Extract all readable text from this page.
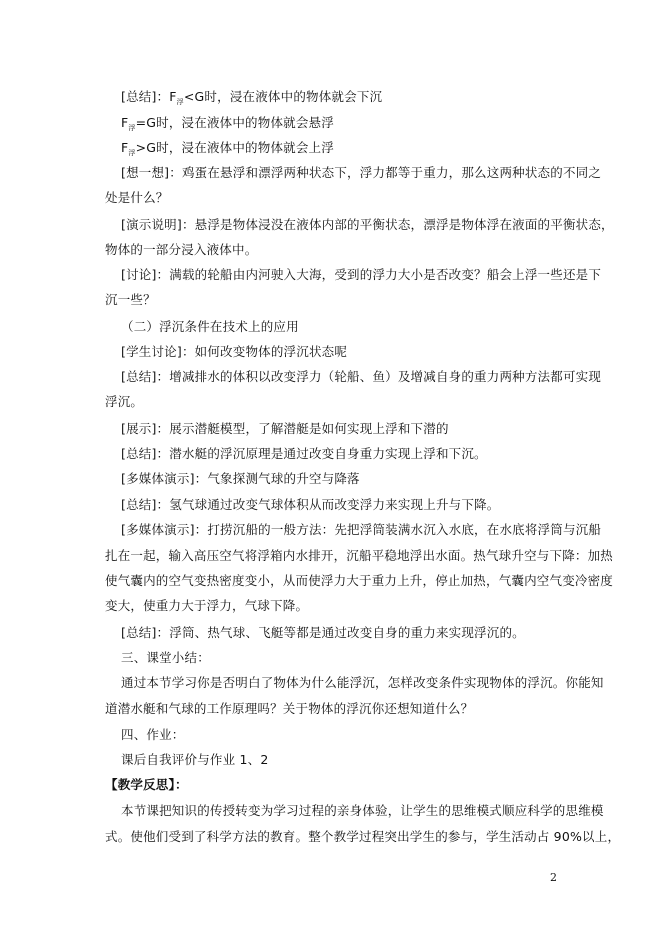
[总结]：$F_浮<G$时，浸在液体中的物体就会下沉
$F_浮=G$时，浸在液体中的物体就会悬浮
$F_浮>G$时，浸在液体中的物体就会上浮
[想一想]：鸡蛋在悬浮和漂浮两种状态下，浮力都等于重力，那么这两种状态的不同之
处是什么？
[演示说明]：悬浮是物体浸没在液体内部的平衡状态，漂浮是物体浮在液面的平衡状态，
物体的一部分浸入液体中。
[讨论]：满载的轮船由内河驶入大海，受到的浮力大小是否改变？船会上浮一些还是下
沉一些？
（二）浮沉条件在技术上的应用
[学生讨论]：如何改变物体的浮沉状态呢
[总结]：增减排水的体积以改变浮力（轮船、鱼）及增减自身的重力两种方法都可实现
浮沉。
[展示]：展示潜艇模型，了解潜艇是如何实现上浮和下潜的
[总结]：潜水艇的浮沉原理是通过改变自身重力实现上浮和下沉。
[多媒体演示]：气象探测气球的升空与降落
[总结]：氢气球通过改变气球体积从而改变浮力来实现上升与下降。
[多媒体演示]：打捞沉船的一般方法：先把浮筒装满水沉入水底，在水底将浮筒与沉船
扎在一起，输入高压空气将浮箱内水排开，沉船平稳地浮出水面。热气球升空与下降：加热
使气囊内的空气变热密度变小，从而使浮力大于重力上升，停止加热，气囊内空气变冷密度
变大，使重力大于浮力，气球下降。
[总结]：浮筒、热气球、飞艇等都是通过改变自身的重力来实现浮沉的。
三、课堂小结：
通过本节学习你是否明白了物体为什么能浮沉，怎样改变条件实现物体的浮沉。你能知
道潜水艇和气球的工作原理吗？关于物体的浮沉你还想知道什么？
四、作业：
课后自我评价与作业 1、2
【教学反思】：
本节课把知识的传授转变为学习过程的亲身体验，让学生的思维模式顺应科学的思维模
式。使他们受到了科学方法的教育。整个教学过程突出学生的参与，学生活动占 90%以上，
2
